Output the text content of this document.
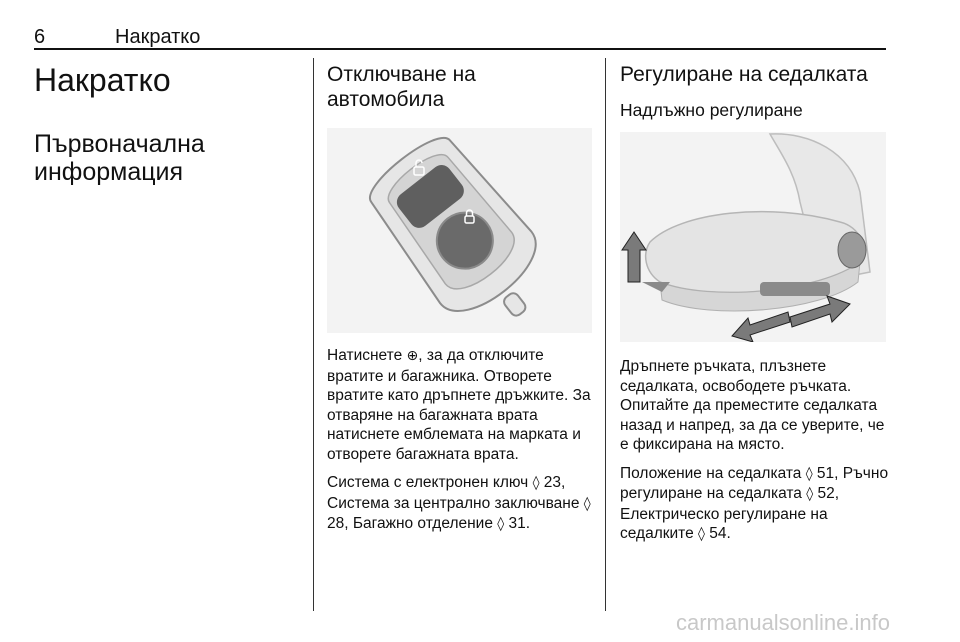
6	Накратко
Накратко
Първоначална информация
Отключване на автомобила

Натиснете ⊕, за да отключите вратите и багажника. Отворете вратите като дръпнете дръжките. За отваряне на багажната врата натиснете емблемата на марката и отворете багажната врата.

Система с електронен ключ ◊ 23, Система за централно заключване ◊ 28, Багажно отделение ◊ 31.

Регулиране на седалката
Надлъжно регулиране

Дръпнете ръчката, плъзнете седалката, освободете ръчката. Опитайте да преместите седалката назад и напред, за да се уверите, че е фиксирана на място.

Положение на седалката ◊ 51, Ръчно регулиране на седалката ◊ 52, Електрическо регулиране на седалките ◊ 54.

carmanualsonline.info
